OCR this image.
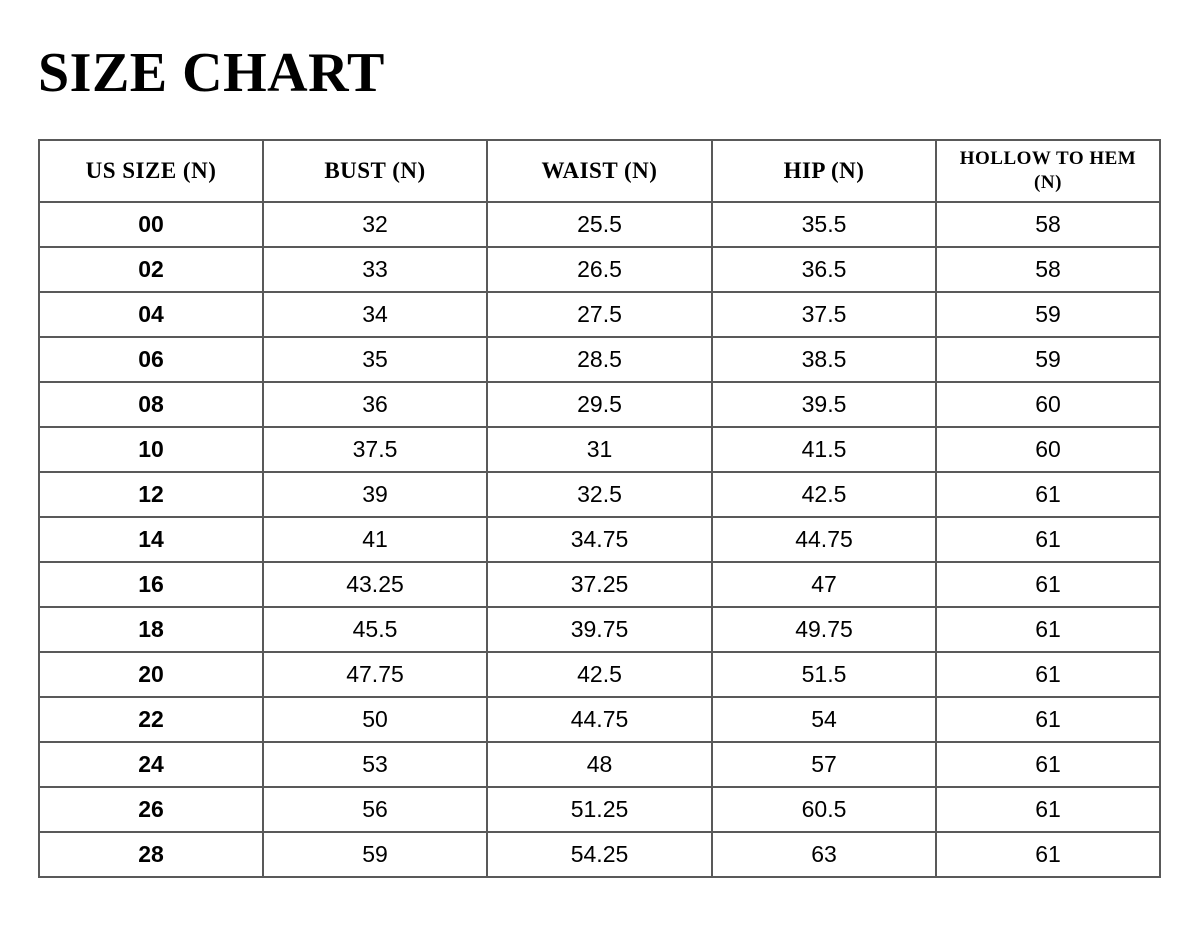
SIZE CHART
US SIZE (N)	BUST (N)	WAIST (N)	HIP (N)	HOLLOW TO HEM (N)
00	32	25.5	35.5	58
02	33	26.5	36.5	58
04	34	27.5	37.5	59
06	35	28.5	38.5	59
08	36	29.5	39.5	60
10	37.5	31	41.5	60
12	39	32.5	42.5	61
14	41	34.75	44.75	61
16	43.25	37.25	47	61
18	45.5	39.75	49.75	61
20	47.75	42.5	51.5	61
22	50	44.75	54	61
24	53	48	57	61
26	56	51.25	60.5	61
28	59	54.25	63	61
